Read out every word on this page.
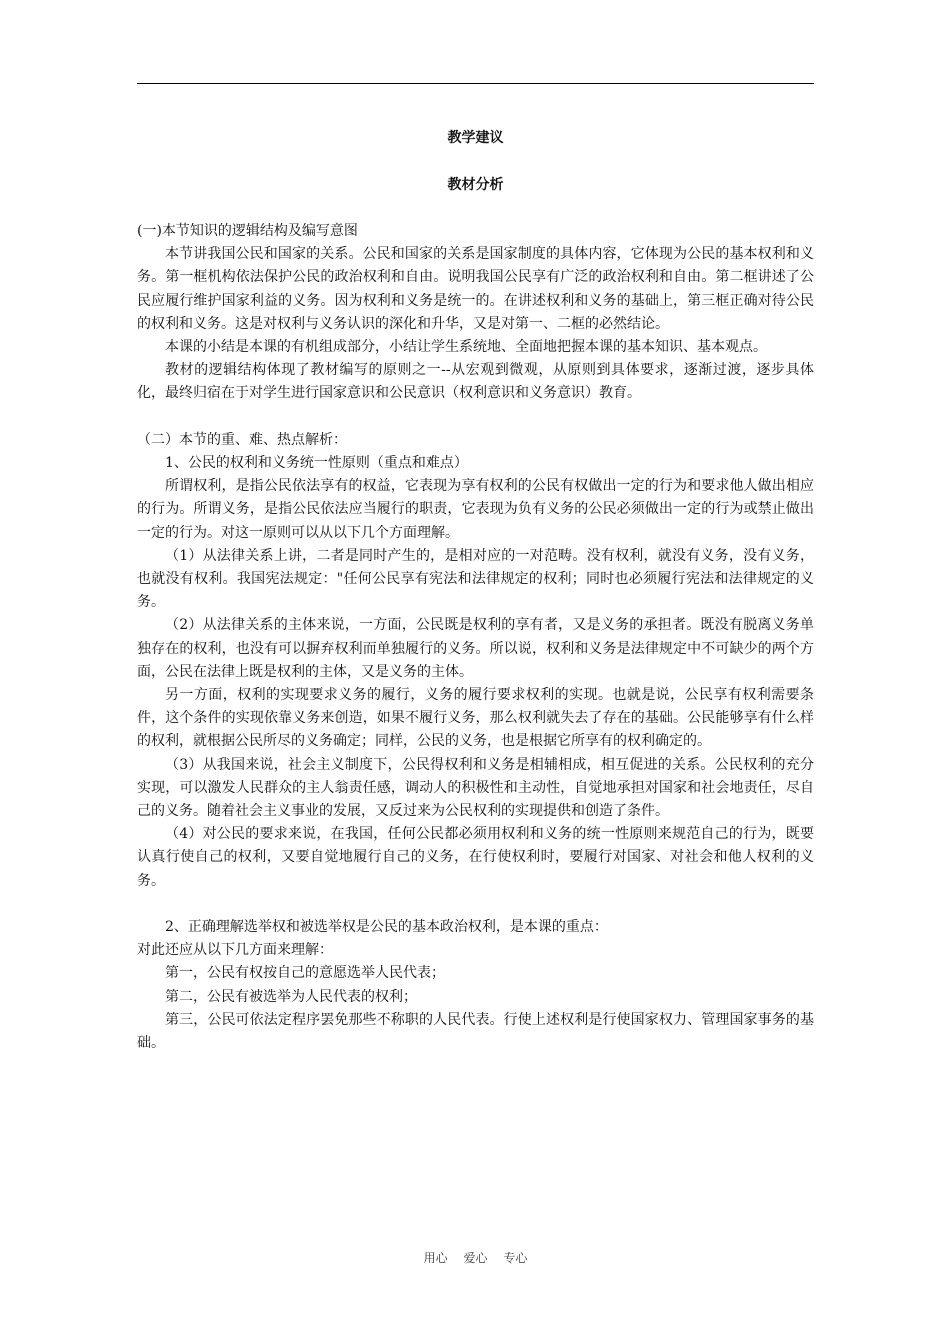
教学建议
教材分析

(一)本节知识的逻辑结构及编写意图

本节讲我国公民和国家的关系。公民和国家的关系是国家制度的具体内容，它体现为公民的基本权利和义务。第一框机构依法保护公民的政治权利和自由。说明我国公民享有广泛的政治权利和自由。第二框讲述了公民应履行维护国家利益的义务。因为权利和义务是统一的。在讲述权利和义务的基础上，第三框正确对待公民的权利和义务。这是对权利与义务认识的深化和升华，又是对第一、二框的必然结论。

本课的小结是本课的有机组成部分，小结让学生系统地、全面地把握本课的基本知识、基本观点。

教材的逻辑结构体现了教材编写的原则之一--从宏观到微观，从原则到具体要求，逐渐过渡，逐步具体化，最终归宿在于对学生进行国家意识和公民意识（权利意识和义务意识）教育。

（二）本节的重、难、热点解析：

1、公民的权利和义务统一性原则（重点和难点）

所谓权利，是指公民依法享有的权益，它表现为享有权利的公民有权做出一定的行为和要求他人做出相应的行为。所谓义务，是指公民依法应当履行的职责，它表现为负有义务的公民必须做出一定的行为或禁止做出一定的行为。对这一原则可以从以下几个方面理解。

（1）从法律关系上讲，二者是同时产生的，是相对应的一对范畴。没有权利，就没有义务，没有义务，也就没有权利。我国宪法规定："任何公民享有宪法和法律规定的权利；同时也必须履行宪法和法律规定的义务。

（2）从法律关系的主体来说，一方面，公民既是权利的享有者，又是义务的承担者。既没有脱离义务单独存在的权利，也没有可以摒弃权利而单独履行的义务。所以说，权利和义务是法律规定中不可缺少的两个方面，公民在法律上既是权利的主体，又是义务的主体。

另一方面，权利的实现要求义务的履行，义务的履行要求权利的实现。也就是说，公民享有权利需要条件，这个条件的实现依靠义务来创造，如果不履行义务，那么权利就失去了存在的基础。公民能够享有什么样的权利，就根据公民所尽的义务确定；同样，公民的义务，也是根据它所享有的权利确定的。

（3）从我国来说，社会主义制度下，公民得权利和义务是相辅相成，相互促进的关系。公民权利的充分实现，可以激发人民群众的主人翁责任感，调动人的积极性和主动性，自觉地承担对国家和社会地责任，尽自己的义务。随着社会主义事业的发展，又反过来为公民权利的实现提供和创造了条件。

（4）对公民的要求来说，在我国，任何公民都必须用权利和义务的统一性原则来规范自己的行为，既要认真行使自己的权利，又要自觉地履行自己的义务，在行使权利时，要履行对国家、对社会和他人权利的义务。

2、正确理解选举权和被选举权是公民的基本政治权利，是本课的重点：

对此还应从以下几方面来理解：

第一，公民有权按自己的意愿选举人民代表；

第二，公民有被选举为人民代表的权利；

第三，公民可依法定程序罢免那些不称职的人民代表。行使上述权利是行使国家权力、管理国家事务的基础。

用心 爱心 专心
